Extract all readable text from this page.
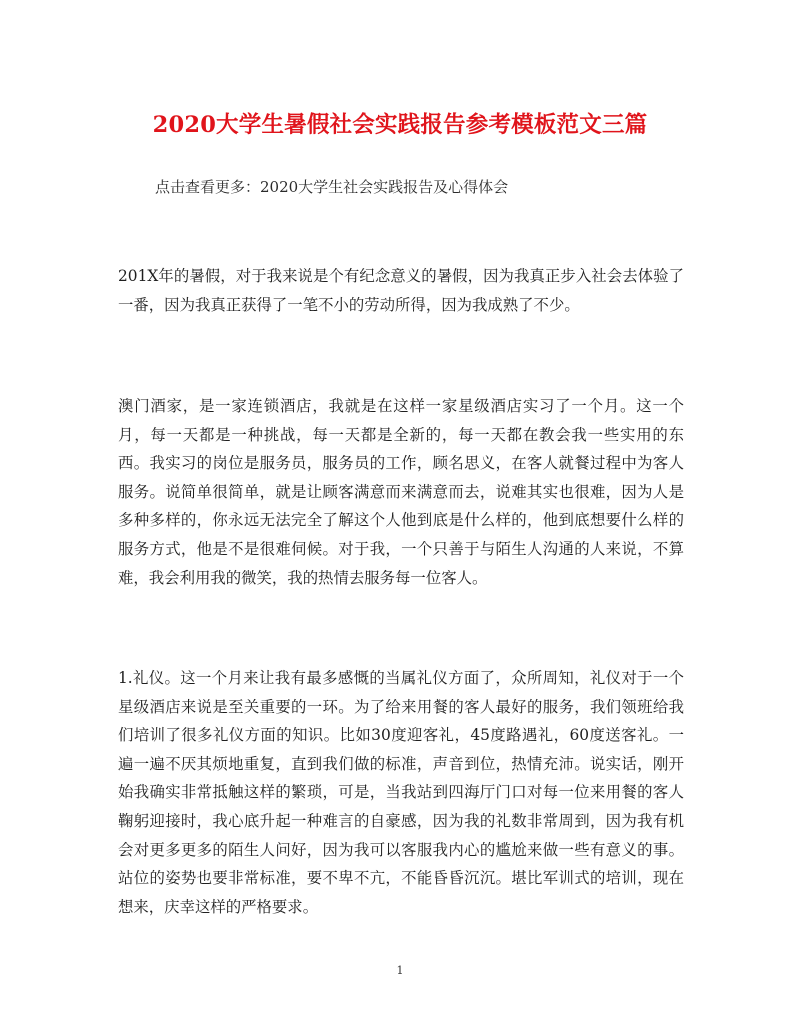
2020大学生暑假社会实践报告参考模板范文三篇
点击查看更多：2020大学生社会实践报告及心得体会

201X年的暑假，对于我来说是个有纪念意义的暑假，因为我真正步入社会去体验了一番，因为我真正获得了一笔不小的劳动所得，因为我成熟了不少。

澳门酒家，是一家连锁酒店，我就是在这样一家星级酒店实习了一个月。这一个月，每一天都是一种挑战，每一天都是全新的，每一天都在教会我一些实用的东西。我实习的岗位是服务员，服务员的工作，顾名思义，在客人就餐过程中为客人服务。说简单很简单，就是让顾客满意而来满意而去，说难其实也很难，因为人是多种多样的，你永远无法完全了解这个人他到底是什么样的，他到底想要什么样的服务方式，他是不是很难伺候。对于我，一个只善于与陌生人沟通的人来说，不算难，我会利用我的微笑，我的热情去服务每一位客人。

1.礼仪。这一个月来让我有最多感慨的当属礼仪方面了，众所周知，礼仪对于一个星级酒店来说是至关重要的一环。为了给来用餐的客人最好的服务，我们领班给我们培训了很多礼仪方面的知识。比如30度迎客礼，45度路遇礼，60度送客礼。一遍一遍不厌其烦地重复，直到我们做的标准，声音到位，热情充沛。说实话，刚开始我确实非常抵触这样的繁琐，可是，当我站到四海厅门口对每一位来用餐的客人鞠躬迎接时，我心底升起一种难言的自豪感，因为我的礼数非常周到，因为我有机会对更多更多的陌生人问好，因为我可以客服我内心的尴尬来做一些有意义的事。站位的姿势也要非常标准，要不卑不亢，不能昏昏沉沉。堪比军训式的培训，现在想来，庆幸这样的严格要求。

1
